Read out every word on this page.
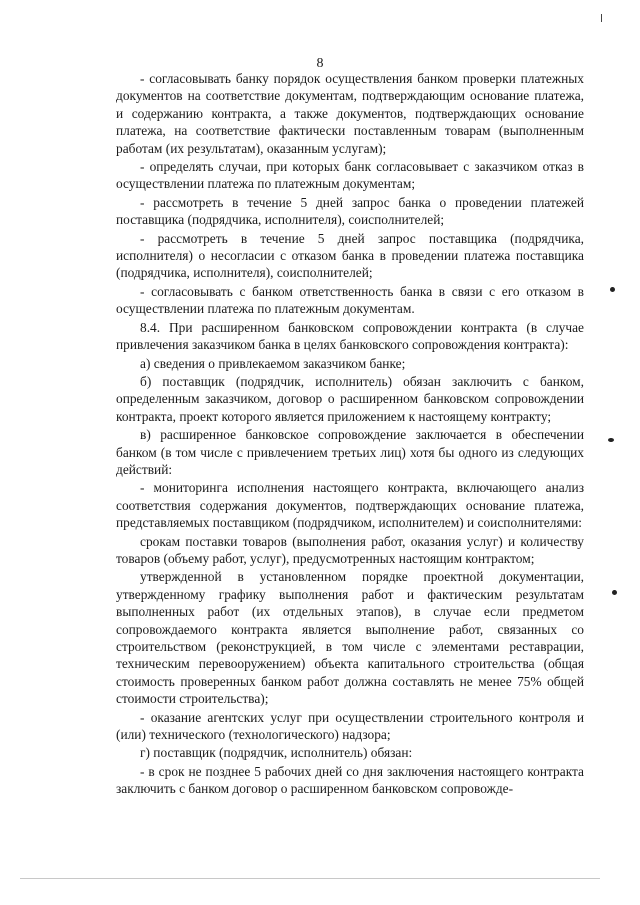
8

- согласовывать банку порядок осуществления банком проверки платежных документов на соответствие документам, подтверждающим основание платежа, и содержанию контракта, а также документов, подтверждающих основание платежа, на соответствие фактически поставленным товарам (выполненным работам (их результатам), оказанным услугам);

- определять случаи, при которых банк согласовывает с заказчиком отказ в осуществлении платежа по платежным документам;

- рассмотреть в течение 5 дней запрос банка о проведении платежей поставщика (подрядчика, исполнителя), соисполнителей;

- рассмотреть в течение 5 дней запрос поставщика (подрядчика, исполнителя) о несогласии с отказом банка в проведении платежа поставщика (подрядчика, исполнителя), соисполнителей;

- согласовывать с банком ответственность банка в связи с его отказом в осуществлении платежа по платежным документам.

8.4. При расширенном банковском сопровождении контракта (в случае привлечения заказчиком банка в целях банковского сопровождения контракта):

а) сведения о привлекаемом заказчиком банке;

б) поставщик (подрядчик, исполнитель) обязан заключить с банком, определенным заказчиком, договор о расширенном банковском сопровождении контракта, проект которого является приложением к настоящему контракту;

в) расширенное банковское сопровождение заключается в обеспечении банком (в том числе с привлечением третьих лиц) хотя бы одного из следующих действий:

- мониторинга исполнения настоящего контракта, включающего анализ соответствия содержания документов, подтверждающих основание платежа, представляемых поставщиком (подрядчиком, исполнителем) и соисполнителями:

срокам поставки товаров (выполнения работ, оказания услуг) и количеству товаров (объему работ, услуг), предусмотренных настоящим контрактом;

утвержденной в установленном порядке проектной документации, утвержденному графику выполнения работ и фактическим результатам выполненных работ (их отдельных этапов), в случае если предметом сопровождаемого контракта является выполнение работ, связанных со строительством (реконструкцией, в том числе с элементами реставрации, техническим перевооружением) объекта капитального строительства (общая стоимость проверенных банком работ должна составлять не менее 75% общей стоимости строительства);

- оказание агентских услуг при осуществлении строительного контроля и (или) технического (технологического) надзора;

г) поставщик (подрядчик, исполнитель) обязан:

- в срок не позднее 5 рабочих дней со дня заключения настоящего контракта заключить с банком договор о расширенном банковском сопровожде-
